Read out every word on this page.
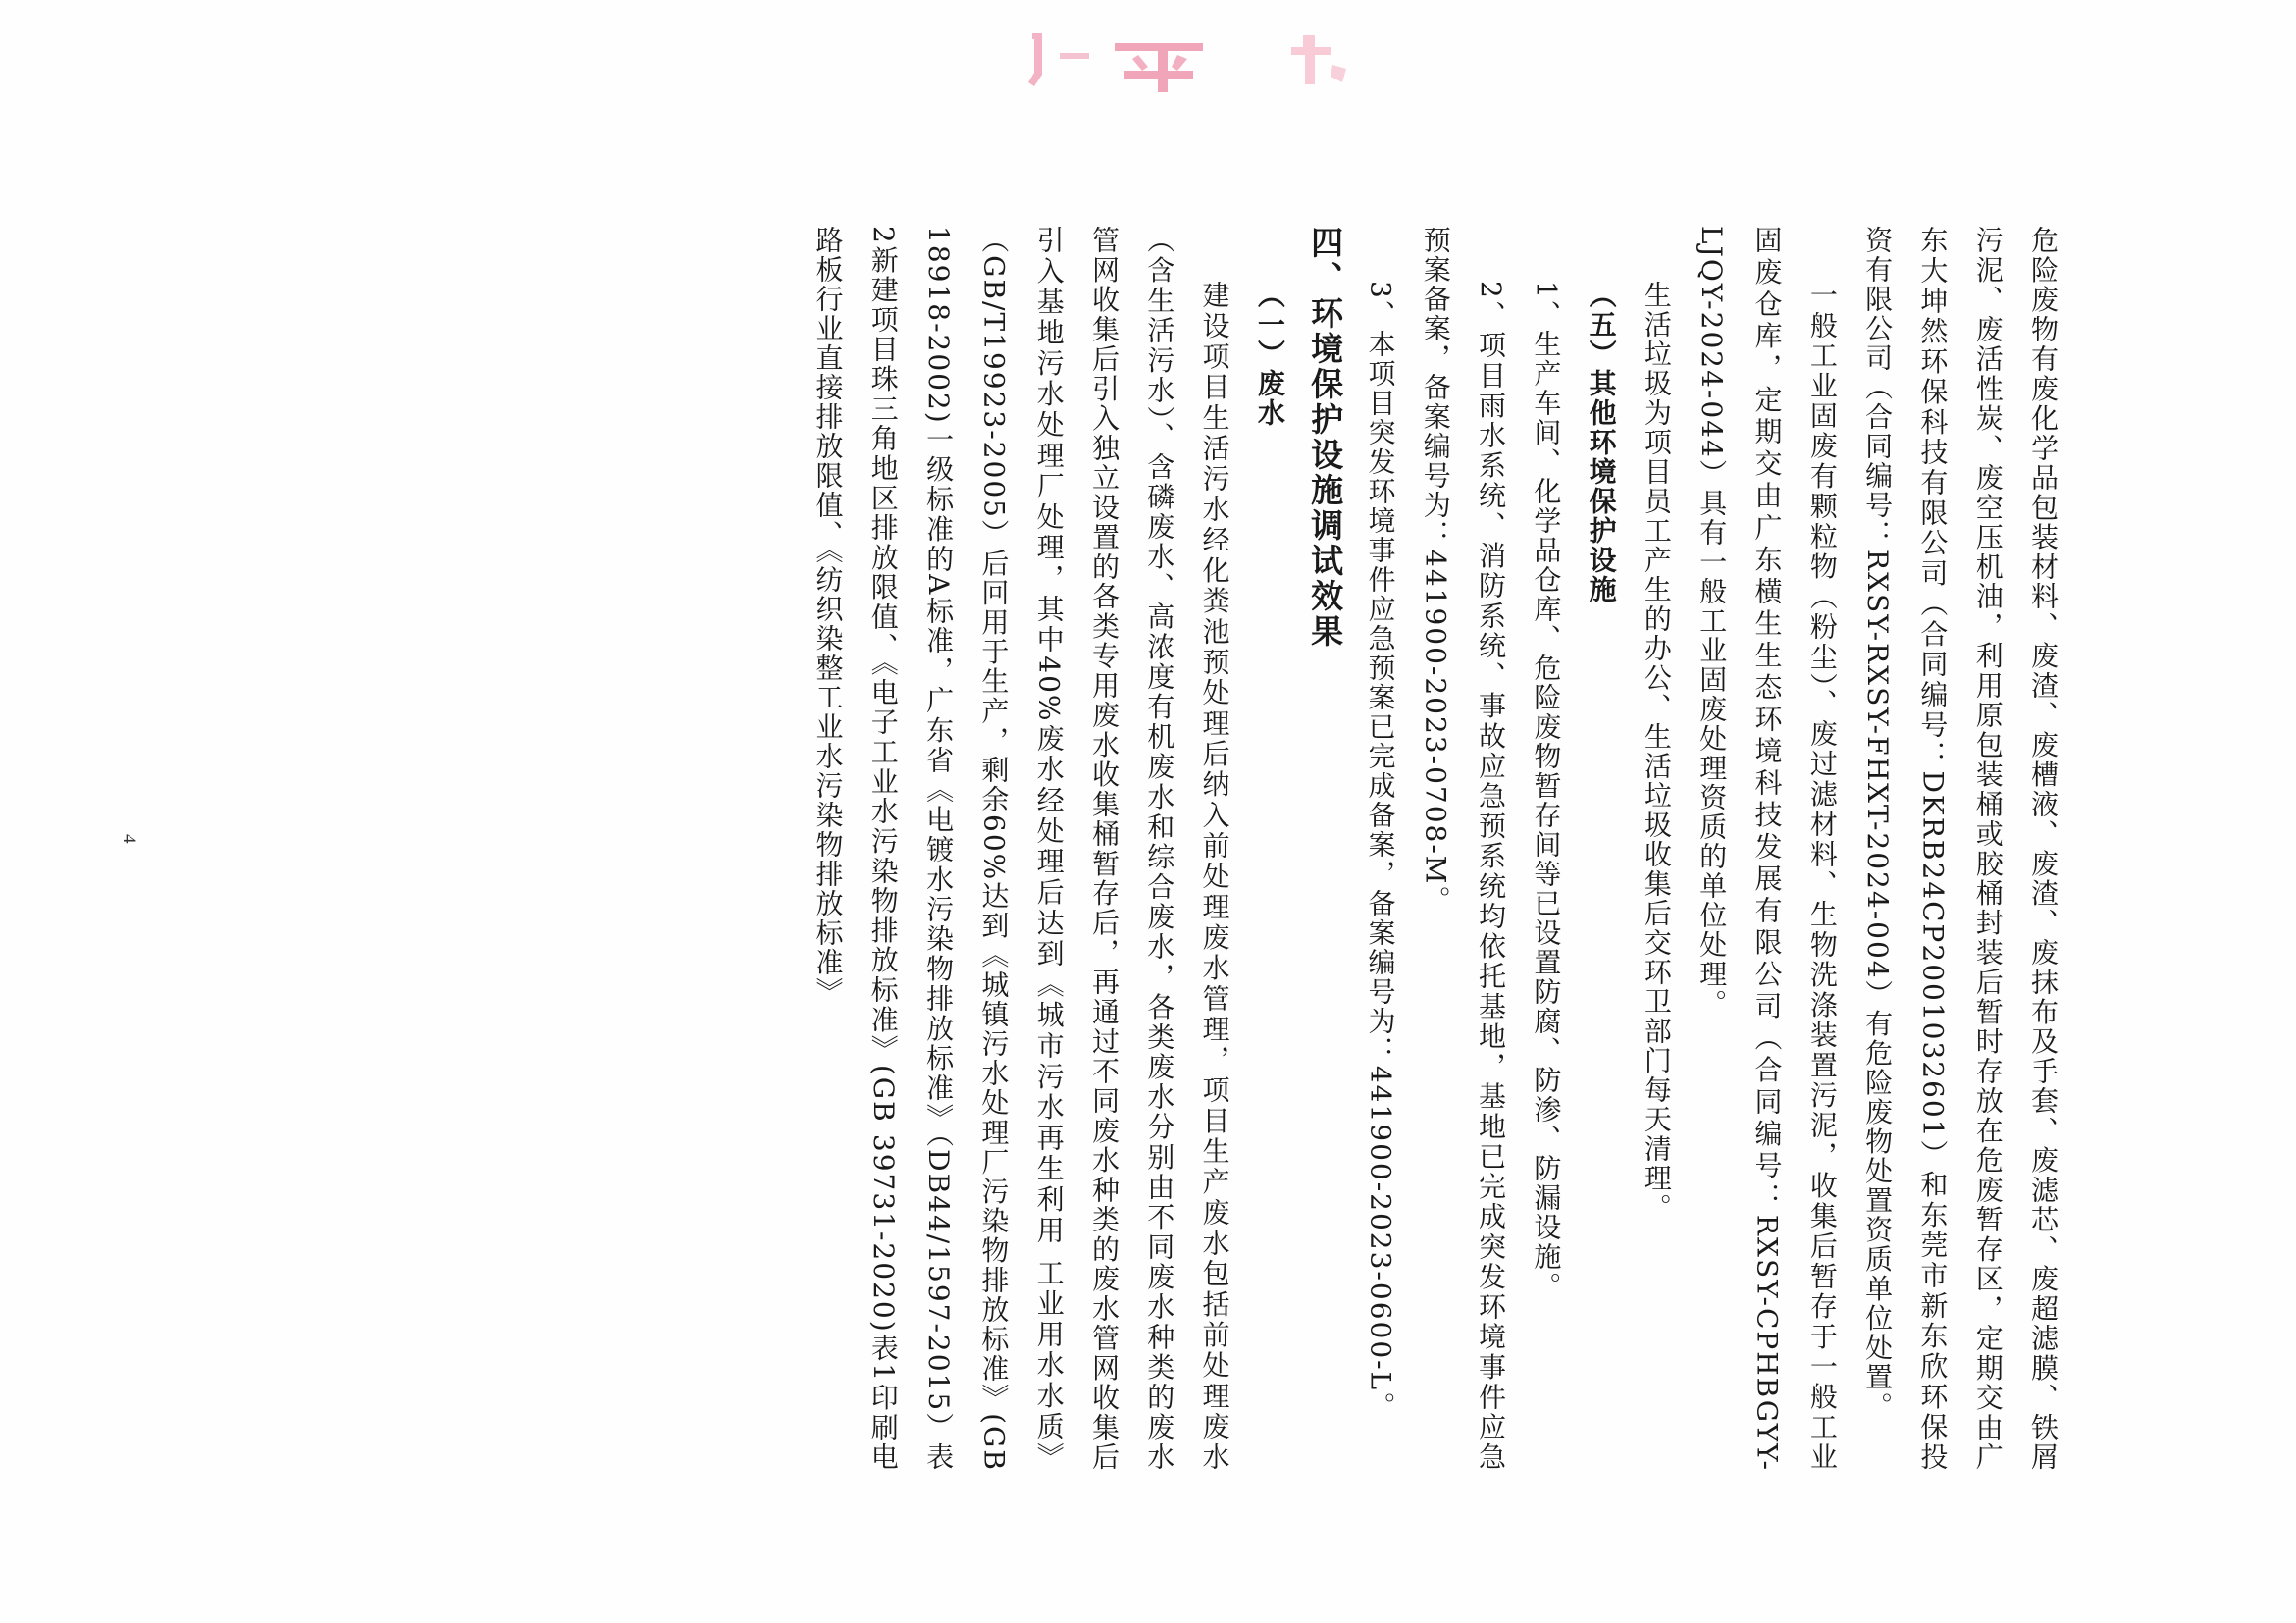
危险废物有废化学品包装材料、废渣、废槽液、废渣、废抹布及手套、废滤芯、废超滤膜、铁屑污泥、废活性炭、废空压机油，利用原包装桶或胶桶封装后暂时存放在危废暂存区，定期交由广东大坤然环保科技有限公司（合同编号：DKRB24CP2001032601）和东莞市新东欣环保投资有限公司（合同编号：RXSY-RXSY-FHXT-2024-004）有危险废物处置资质单位处置。

一般工业固废有颗粒物（粉尘）、废过滤材料、生物洗涤装置污泥，收集后暂存于一般工业固废仓库，定期交由广东横生生态环境科技发展有限公司（合同编号：RXSY-CPHBGYY-LJQY-2024-044）具有一般工业固废处理资质的单位处理。

生活垃圾为项目员工产生的办公、生活垃圾收集后交环卫部门每天清理。

（五）其他环境保护设施

1、生产车间、化学品仓库、危险废物暂存间等已设置防腐、防渗、防漏设施。

2、项目雨水系统、消防系统、事故应急预系统均依托基地，基地已完成突发环境事件应急预案备案，备案编号为：441900-2023-0708-M。

3、本项目突发环境事件应急预案已完成备案，备案编号为：441900-2023-0600-L。

四、环境保护设施调试效果

（一）废水

建设项目生活污水经化粪池预处理后纳入前处理废水管理，项目生产废水包括前处理废水（含生活污水）、含磷废水、高浓度有机废水和综合废水，各类废水分别由不同废水种类的废水管网收集后引入独立设置的各类专用废水收集桶暂存后，再通过不同废水种类的废水管网收集后引入基地污水处理厂处理，其中40%废水经处理后达到《城市污水再生利用 工业用水水质》（GB/T19923-2005）后回用于生产，剩余60%达到《城镇污水处理厂污染物排放标准》(GB 18918-2002)一级标准的A标准，广东省《电镀水污染物排放标准》（DB44/1597-2015）表2新建项目珠三角地区排放限值、《电子工业水污染物排放标准》(GB 39731-2020)表1印刷电路板行业直接排放限值、《纺织染整工业水污染物排放标准》

4
